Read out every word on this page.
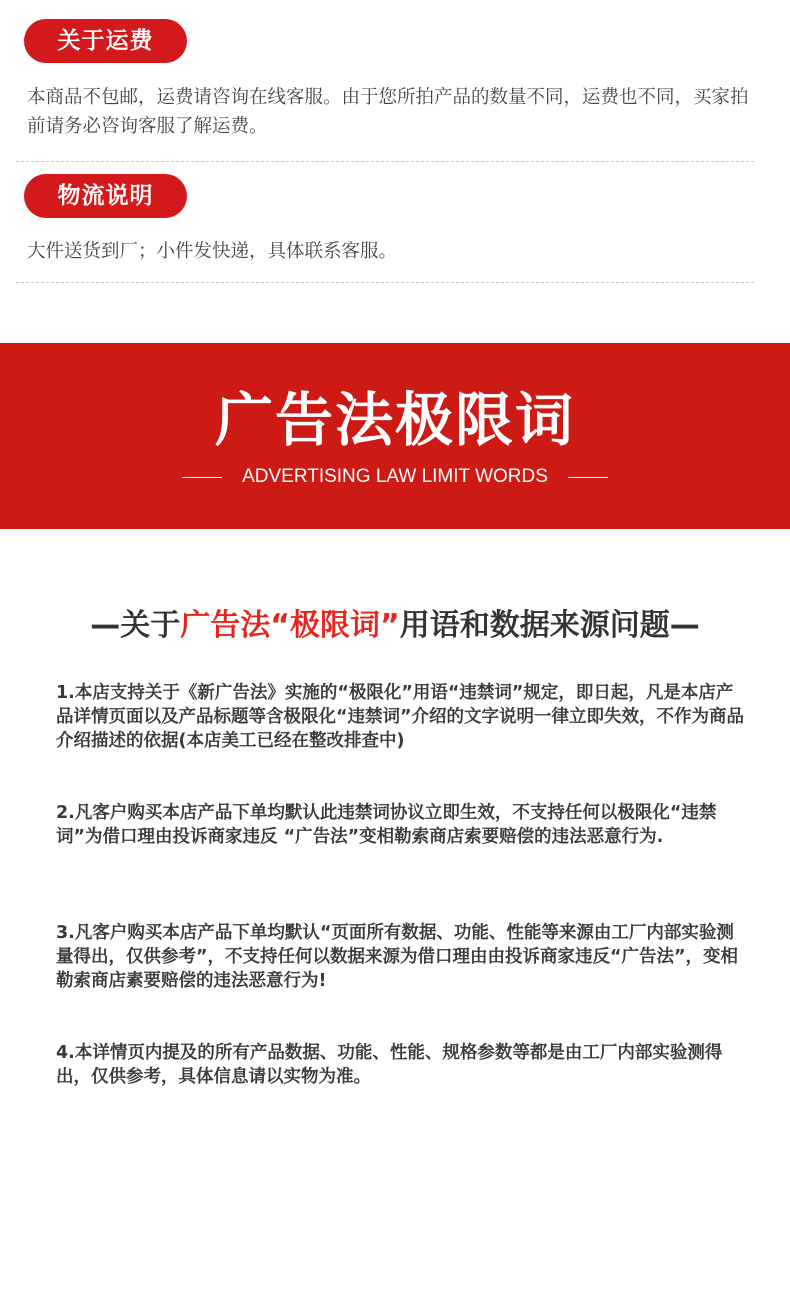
关于运费
本商品不包邮，运费请咨询在线客服。由于您所拍产品的数量不同，运费也不同，买家拍前请务必咨询客服了解运费。
物流说明
大件送货到厂；小件发快递，具体联系客服。
广告法极限词
ADVERTISING LAW LIMIT WORDS
—关于广告法“极限词”用语和数据来源问题—
1.本店支持关于《新广告法》实施的“极限化”用语“违禁词”规定，即日起，凡是本店产品详情页面以及产品标题等含极限化“违禁词”介绍的文字说明一律立即失效，不作为商品介绍描述的依据(本店美工已经在整改排查中)
2.凡客户购买本店产品下单均默认此违禁词协议立即生效，不支持任何以极限化“违禁词”为借口理由投诉商家违反 “广告法”变相勒索商店索要赔偿的违法恶意行为.
3.凡客户购买本店产品下单均默认“页面所有数据、功能、性能等来源由工厂内部实验测量得出，仅供参考”，不支持任何以数据来源为借口理由由投诉商家违反“广告法”，变相勒索商店素要赔偿的违法恶意行为!
4.本详情页内提及的所有产品数据、功能、性能、规格参数等都是由工厂内部实验测得出，仅供参考，具体信息请以实物为准。
